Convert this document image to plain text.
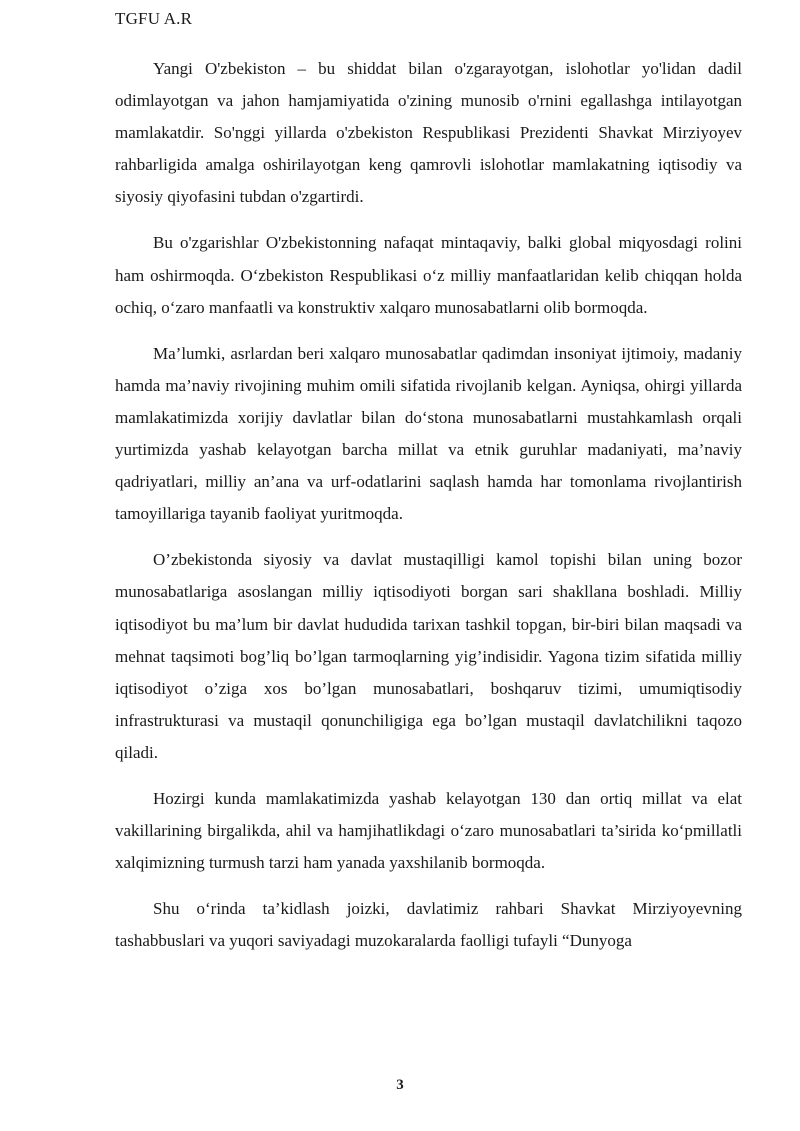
TGFU A.R

Yangi O'zbekiston – bu shiddat bilan o'zgarayotgan, islohotlar yo'lidan dadil odimlayotgan va jahon hamjamiyatida o'zining munosib o'rnini egallashga intilayotgan mamlakatdir. So'nggi yillarda o'zbekiston Respublikasi Prezidenti Shavkat Mirziyoyev rahbarligida amalga oshirilayotgan keng qamrovli islohotlar mamlakatning iqtisodiy va siyosiy qiyofasini tubdan o'zgartirdi.

Bu o'zgarishlar O'zbekistonning nafaqat mintaqaviy, balki global miqyosdagi rolini ham oshirmoqda. O‘zbekiston Respublikasi o‘z milliy manfaatlaridan kelib chiqqan holda ochiq, o‘zaro manfaatli va konstruktiv xalqaro munosabatlarni olib bormoqda.

Ma’lumki, asrlardan beri xalqaro munosabatlar qadimdan insoniyat ijtimoiy, madaniy hamda ma’naviy rivojining muhim omili sifatida rivojlanib kelgan. Ayniqsa, ohirgi yillarda mamlakatimizda xorijiy davlatlar bilan do‘stona munosabatlarni mustahkamlash orqali yurtimizda yashab kelayotgan barcha millat va etnik guruhlar madaniyati, ma’naviy qadriyatlari, milliy an’ana va urf-odatlarini saqlash hamda har tomonlama rivojlantirish tamoyillariga tayanib faoliyat yuritmoqda.

O’zbekistonda siyosiy va davlat mustaqilligi kamol topishi bilan uning bozor munosabatlariga asoslangan milliy iqtisodiyoti borgan sari shakllana boshladi. Milliy iqtisodiyot bu ma’lum bir davlat hududida tarixan tashkil topgan, bir-biri bilan maqsadi va mehnat taqsimoti bog’liq bo’lgan tarmoqlarning yig’indisidir. Yagona tizim sifatida milliy iqtisodiyot o’ziga xos bo’lgan munosabatlari, boshqaruv tizimi, umumiqtisodiy infrastrukturasi va mustaqil qonunchiligiga ega bo’lgan mustaqil davlatchilikni taqozo qiladi.

Hozirgi kunda mamlakatimizda yashab kelayotgan 130 dan ortiq millat va elat vakillarining birgalikda, ahil va hamjihatlikdagi o‘zaro munosabatlari ta’sirida ko‘pmillatli xalqimizning turmush tarzi ham yanada yaxshilanib bormoqda.

Shu o‘rinda ta’kidlash joizki, davlatimiz rahbari Shavkat Mirziyoyevning tashabbuslari va yuqori saviyadagi muzokaralarda faolligi tufayli “Dunyoga

3
